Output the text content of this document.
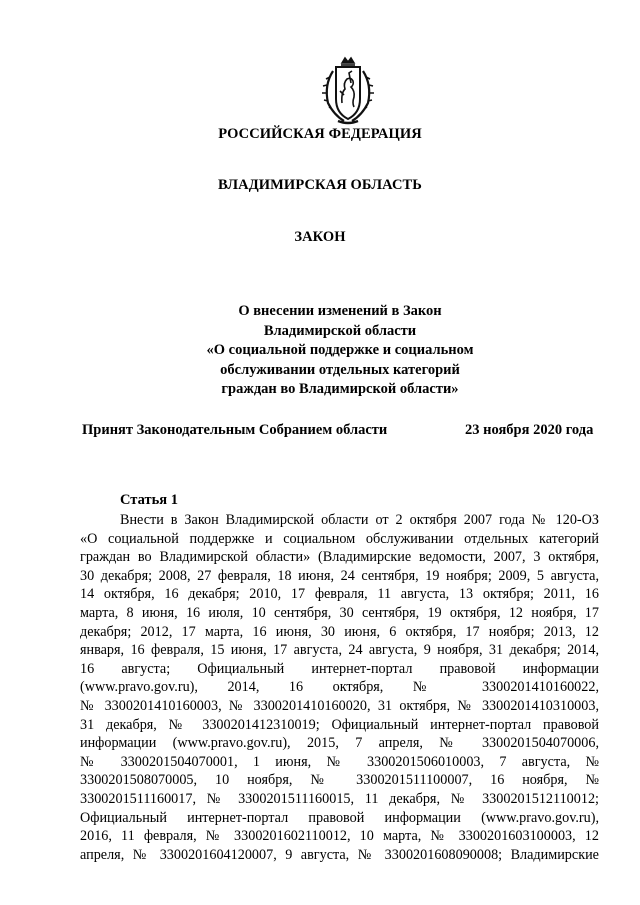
РОССИЙСКАЯ ФЕДЕРАЦИЯ
ВЛАДИМИРСКАЯ ОБЛАСТЬ
ЗАКОН
О внесении изменений в Закон
Владимирской области
«О социальной поддержке и социальном
обслуживании отдельных категорий
граждан во Владимирской области»
Принят Законодательным Собранием области	23 ноября 2020 года
Статья 1
Внести в Закон Владимирской области от 2 октября 2007 года № 120-ОЗ
«О социальной поддержке и социальном обслуживании отдельных категорий
граждан во Владимирской области» (Владимирские ведомости, 2007, 3 октября,
30 декабря; 2008, 27 февраля, 18 июня, 24 сентября, 19 ноября; 2009, 5 августа,
14 октября, 16 декабря; 2010, 17 февраля, 11 августа, 13 октября; 2011, 16
марта, 8 июня, 16 июля, 10 сентября, 30 сентября, 19 октября, 12 ноября, 17
декабря; 2012, 17 марта, 16 июня, 30 июня, 6 октября, 17 ноября; 2013, 12
января, 16 февраля, 15 июня, 17 августа, 24 августа, 9 ноября, 31 декабря; 2014,
16 августа; Официальный интернет-портал правовой информации
(www.pravo.gov.ru), 2014, 16 октября, № 3300201410160022,
№ 3300201410160003, № 3300201410160020, 31 октября, № 3300201410310003,
31 декабря, № 3300201412310019; Официальный интернет-портал правовой
информации (www.pravo.gov.ru), 2015, 7 апреля, № 3300201504070006,
№ 3300201504070001, 1 июня, № 3300201506010003, 7 августа, №
3300201508070005, 10 ноября, № 3300201511100007, 16 ноября, №
3300201511160017, № 3300201511160015, 11 декабря, № 3300201512110012;
Официальный интернет-портал правовой информации (www.pravo.gov.ru),
2016, 11 февраля, № 3300201602110012, 10 марта, № 3300201603100003, 12
апреля, № 3300201604120007, 9 августа, № 3300201608090008; Владимирские
